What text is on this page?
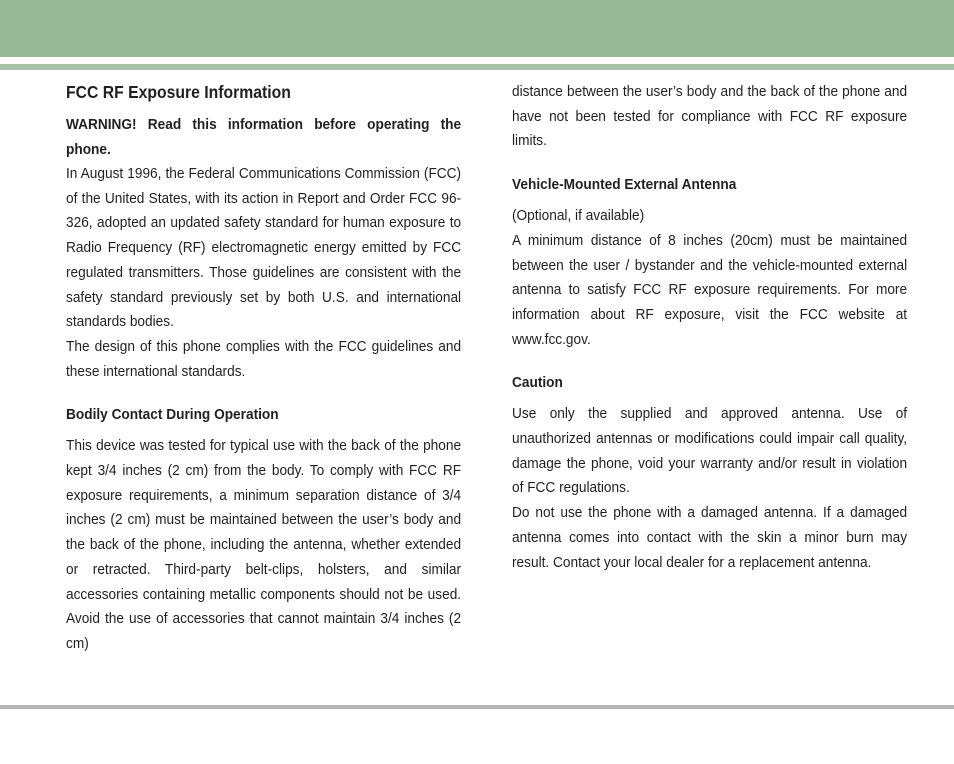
FCC RF Exposure Information

WARNING! Read this information before operating the phone.

In August 1996, the Federal Communications Commission (FCC) of the United States, with its action in Report and Order FCC 96-326, adopted an updated safety standard for human exposure to Radio Frequency (RF) electromagnetic energy emitted by FCC regulated transmitters. Those guidelines are consistent with the safety standard previously set by both U.S. and international standards bodies.

The design of this phone complies with the FCC guidelines and these international standards.

Bodily Contact During Operation

This device was tested for typical use with the back of the phone kept 3/4 inches (2 cm) from the body. To comply with FCC RF exposure requirements, a minimum separation distance of 3/4 inches (2 cm) must be maintained between the user’s body and the back of the phone, including the antenna, whether extended or retracted. Third-party belt-clips, holsters, and similar accessories containing metallic components should not be used. Avoid the use of accessories that cannot maintain 3/4 inches (2 cm)

distance between the user’s body and the back of the phone and have not been tested for compliance with FCC RF exposure limits.

Vehicle-Mounted External Antenna

(Optional, if available)

A minimum distance of 8 inches (20cm) must be maintained between the user / bystander and the vehicle-mounted external antenna to satisfy FCC RF exposure requirements. For more information about RF exposure, visit the FCC website at www.fcc.gov.

Caution

Use only the supplied and approved antenna. Use of unauthorized antennas or modifications could impair call quality, damage the phone, void your warranty and/or result in violation of FCC regulations.

Do not use the phone with a damaged antenna. If a damaged antenna comes into contact with the skin a minor burn may result. Contact your local dealer for a replacement antenna.
